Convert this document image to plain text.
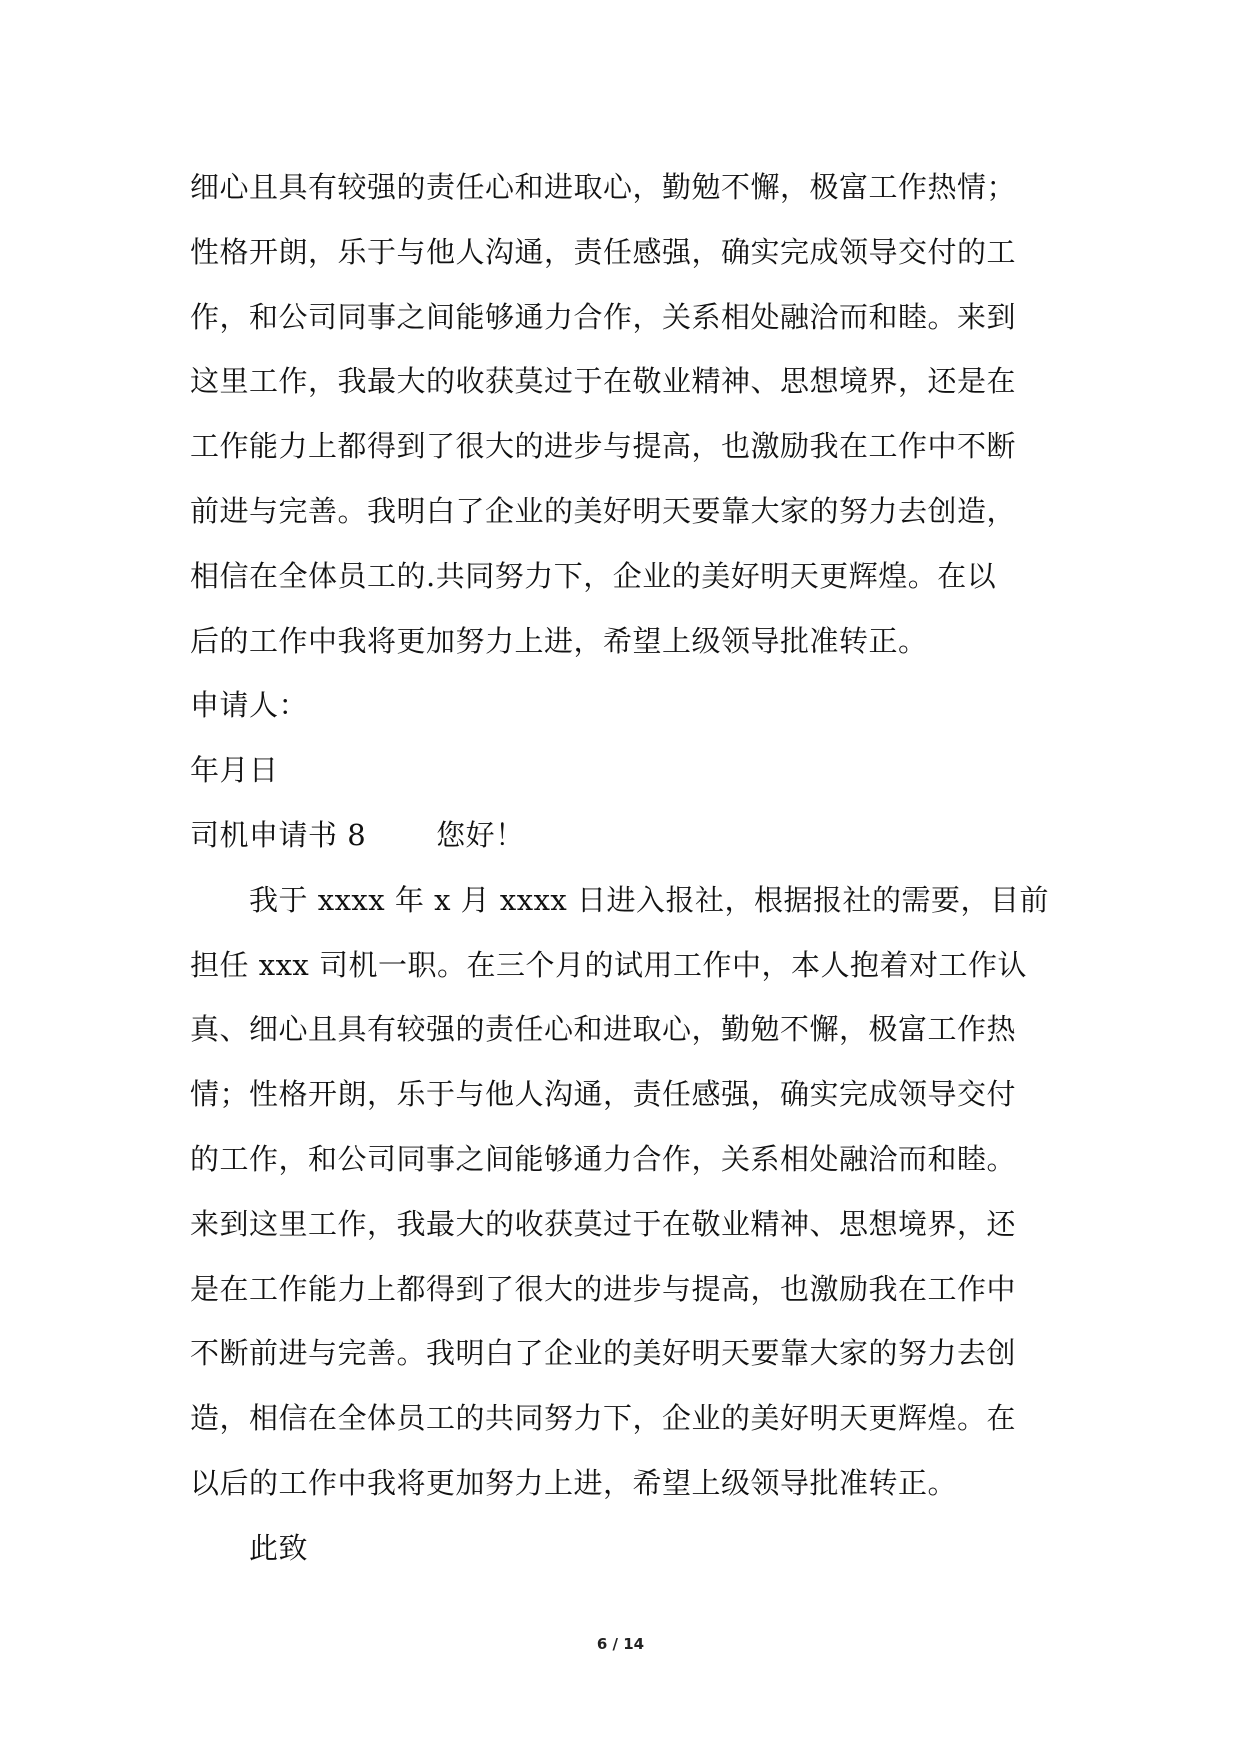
细心且具有较强的责任心和进取心，勤勉不懈，极富工作热情；
性格开朗，乐于与他人沟通，责任感强，确实完成领导交付的工
作，和公司同事之间能够通力合作，关系相处融洽而和睦。来到
这里工作，我最大的收获莫过于在敬业精神、思想境界，还是在
工作能力上都得到了很大的进步与提高，也激励我在工作中不断
前进与完善。我明白了企业的美好明天要靠大家的努力去创造，
相信在全体员工的.共同努力下，企业的美好明天更辉煌。在以
后的工作中我将更加努力上进，希望上级领导批准转正。
申请人：
年月日
司机申请书 8 您好！
我于 xxxx 年 x 月 xxxx 日进入报社，根据报社的需要，目前
担任 xxx 司机一职。在三个月的试用工作中，本人抱着对工作认
真、细心且具有较强的责任心和进取心，勤勉不懈，极富工作热
情；性格开朗，乐于与他人沟通，责任感强，确实完成领导交付
的工作，和公司同事之间能够通力合作，关系相处融洽而和睦。
来到这里工作，我最大的收获莫过于在敬业精神、思想境界，还
是在工作能力上都得到了很大的进步与提高，也激励我在工作中
不断前进与完善。我明白了企业的美好明天要靠大家的努力去创
造，相信在全体员工的共同努力下，企业的美好明天更辉煌。在
以后的工作中我将更加努力上进，希望上级领导批准转正。
此致
6 / 14
